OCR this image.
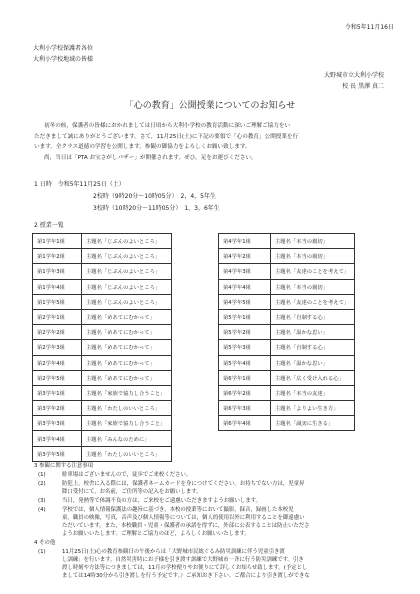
令和5年11月16日
大利小学校保護者各位
大利小学校地域の皆様
大野城市立大利小学校
校 長 黒澤 真二
「心の教育」公開授業についてのお知らせ
初冬の候，保護者の皆様におかれましては日頃から大利小学校の教育活動に深いご理解ご協力をい
ただきまして誠にありがとうございます。さて，11月25日(土)に下記の要領で「心の教育」公開授業を行
います。全クラス道徳の学習を公開します。参観の御協力をよろしくお願い致します。
尚，当日は「PTA お宝さがしバザー」が開催されます。ぜひ，足をお運びください。
1 日時　令和5年11月25日（土）
2校時（9時20分～10時05分）　2，4，5年生
3校時（10時20分～11時05分）　1，3，6年生
2 授業一覧
第1学年1組	主題名「じぶんのよいところ」
第1学年2組	主題名「じぶんのよいところ」
第1学年3組	主題名「じぶんのよいところ」
第1学年4組	主題名「じぶんのよいところ」
第1学年5組	主題名「じぶんのよいところ」
第2学年1組	主題名「めあてにむかって」
第2学年2組	主題名「めあてにむかって」
第2学年3組	主題名「めあてにむかって」
第2学年4組	主題名「めあてにむかって」
第2学年5組	主題名「めあてにむかって」
第3学年1組	主題名「家族で協力し合うこと」
第3学年2組	主題名「わたしのいいところ」
第3学年3組	主題名「家族で協力し合うこと」
第3学年4組	主題名「みんなのために」
第3学年5組	主題名「わたしのいいところ」
第4学年1組	主題名「本当の親切」
第4学年2組	主題名「本当の親切」
第4学年3組	主題名「友達のことを考えて」
第4学年4組	主題名「本当の親切」
第4学年5組	主題名「友達のことを考えて」
第5学年1組	主題名「自制する心」
第5学年2組	主題名「温かな思い」
第5学年3組	主題名「自制する心」
第5学年4組	主題名「温かな思い」
第6学年1組	主題名「広く受け入れる心」
第6学年2組	主題名「本当の友達」
第6学年3組	主題名「よりよい生き方」
第6学年4組	主題名「誠実に生きる」
3 参観に関する注意事項
(1)	駐車場はございませんので，徒歩でご来校ください。
(2)	防犯上，校舎に入る際には，保護者ネームカードを身につけてください。お持ちでない方は，児童昇
降口受付にて，お名前，ご住所等の記入をお願いします。
(3)	当日，発熱等で体調不良の方は，ご来校をご遠慮いただきますようお願いします。
(4)	学校では，個人情報保護法の趣旨に基づき，本校の授業等において撮影，録音，録画した本校児
童，職員の映像，写真，音声及び個人情報等については，個人的使用以外に利用することを御遠慮い
ただいています。また，本校職員・児童・保護者の承諾を得ずに，外部に公表することは防止いたださ
ようお願いいたします。ご理解とご協力のほど，よろしくお願いいたします。
4 その他
(1)	11月25日(土)心の教育参観日の午後からは「大野城市民総ぐるみ防災訓練に伴う児童引き渡
し訓練」を行います。自然災害時にお子様を引き渡す訓練で大野城市一斉に行う防災訓練です。引き
渡し時刻や方法等につきましては，11月の学校便りやお便りにて詳しくお知らせ致します。(予定とし
ましては14時30分から引き渡しを行う予定です。）ご承知おき下さい。ご都合により引き渡しができな
